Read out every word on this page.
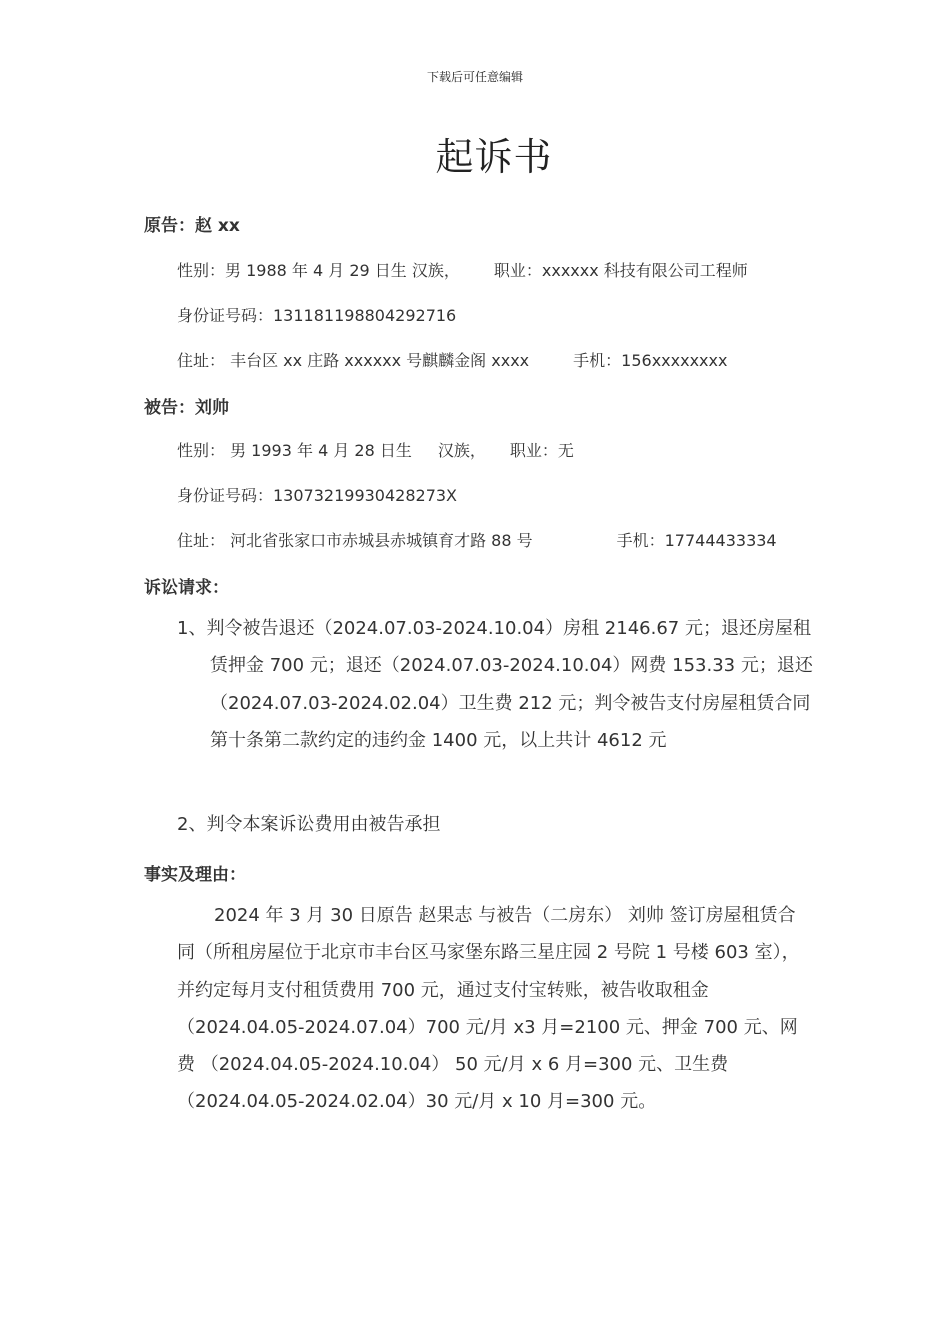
下载后可任意编辑
起诉书
原告：赵 xx
性别：男 1988 年 4 月 29 日生 汉族， 职业：xxxxxx 科技有限公司工程师
身份证号码：131181198804292716
住址： 丰台区 xx 庄路 xxxxxx 号麒麟金阁 xxxx	手机：156xxxxxxxx
被告：刘帅
性别： 男 1993 年 4 月 28 日生 汉族， 职业：无
身份证号码：13073219930428273X
住址： 河北省张家口市赤城县赤城镇育才路 88 号	手机：17744433334
诉讼请求：
1、判令被告退还（2024.07.03-2024.10.04）房租 2146.67 元；退还房屋租赁押金 700 元；退还（2024.07.03-2024.10.04）网费 153.33 元；退还（2024.07.03-2024.02.04）卫生费 212 元；判令被告支付房屋租赁合同第十条第二款约定的违约金 1400 元，以上共计 4612 元
2、判令本案诉讼费用由被告承担
事实及理由：
2024 年 3 月 30 日原告 赵果志 与被告（二房东） 刘帅 签订房屋租赁合同（所租房屋位于北京市丰台区马家堡东路三星庄园 2 号院 1 号楼 603 室），并约定每月支付租赁费用 700 元，通过支付宝转账，被告收取租金（2024.04.05-2024.07.04）700 元/月 x3 月=2100 元、押金 700 元、网费 （2024.04.05-2024.10.04） 50 元/月 x 6 月=300 元、卫生费（2024.04.05-2024.02.04）30 元/月 x 10 月=300 元。
